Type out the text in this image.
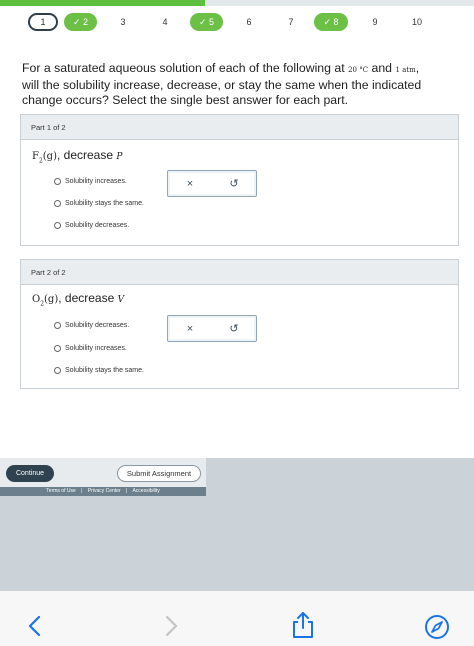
1	✓ 2	3	4	✓ 5	6	7	✓ 8	9	10
For a saturated aqueous solution of each of the following at 20 °C and 1 atm,
will the solubility increase, decrease, or stay the same when the indicated
change occurs? Select the single best answer for each part.
Part 1 of 2
$F_2(g)$, decrease P
Solubility increases.
Solubility stays the same.
Solubility decreases.
×	↺
Part 2 of 2
$O_2(g)$, decrease V
Solubility decreases.
Solubility increases.
Solubility stays the same.
×	↺
Continue	Submit Assignment
Terms of Use | Privacy Center | Accessibility
